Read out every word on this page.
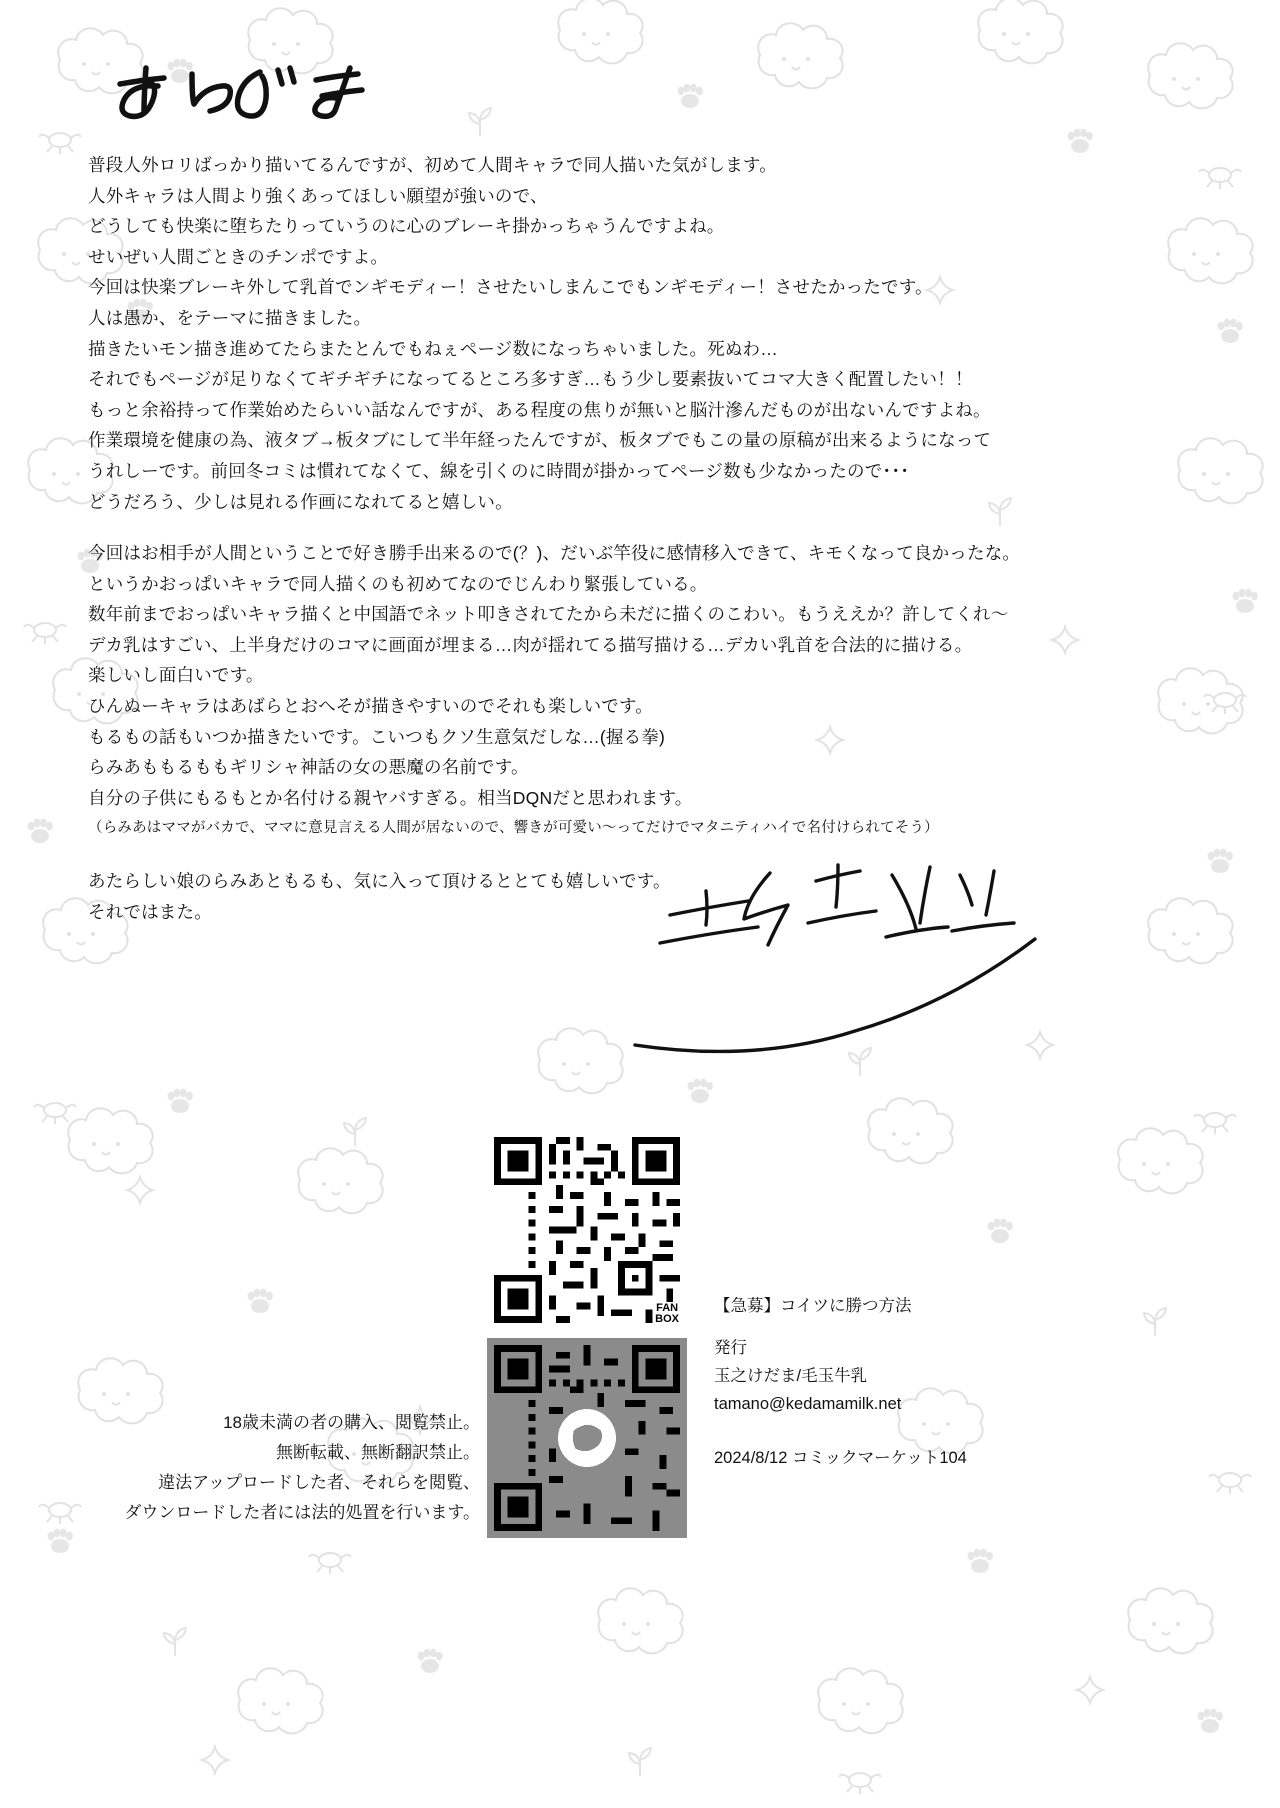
普段人外ロリばっかり描いてるんですが、初めて人間キャラで同人描いた気がします。

人外キャラは人間より強くあってほしい願望が強いので、

どうしても快楽に堕ちたりっていうのに心のブレーキ掛かっちゃうんですよね。

せいぜい人間ごときのチンポですよ。

今回は快楽ブレーキ外して乳首でンギモディー！させたいしまんこでもンギモディー！させたかったです。

人は愚か、をテーマに描きました。

描きたいモン描き進めてたらまたとんでもねぇページ数になっちゃいました。死ぬわ…

それでもページが足りなくてギチギチになってるところ多すぎ…もう少し要素抜いてコマ大きく配置したい！！

もっと余裕持って作業始めたらいい話なんですが、ある程度の焦りが無いと脳汁滲んだものが出ないんですよね。

作業環境を健康の為、液タブ→板タブにして半年経ったんですが、板タブでもこの量の原稿が出来るようになって

うれしーです。前回冬コミは慣れてなくて、線を引くのに時間が掛かってページ数も少なかったので･･･

どうだろう、少しは見れる作画になれてると嬉しい。

今回はお相手が人間ということで好き勝手出来るので(？)、だいぶ竿役に感情移入できて、キモくなって良かったな。

というかおっぱいキャラで同人描くのも初めてなのでじんわり緊張している。

数年前までおっぱいキャラ描くと中国語でネット叩きされてたから未だに描くのこわい。もうええか？許してくれ〜

デカ乳はすごい、上半身だけのコマに画面が埋まる…肉が揺れてる描写描ける…デカい乳首を合法的に描ける。

楽しいし面白いです。

ひんぬーキャラはあばらとおへそが描きやすいのでそれも楽しいです。

もるもの話もいつか描きたいです。こいつもクソ生意気だしな…(握る拳)

らみあももるももギリシャ神話の女の悪魔の名前です。

自分の子供にもるもとか名付ける親ヤバすぎる。相当DQNだと思われます。

（らみあはママがバカで、ママに意見言える人間が居ないので、響きが可愛い〜ってだけでマタニティハイで名付けられてそう）

あたらしい娘のらみあともるも、気に入って頂けるととても嬉しいです。

それではまた。

FAN
BOX
【急募】コイツに勝つ方法
発行
玉之けだま/毛玉牛乳
tamano@kedamamilk.net
2024/8/12 コミックマーケット104
18歳未満の者の購入、閲覧禁止。
無断転載、無断翻訳禁止。
違法アップロードした者、それらを閲覧、
ダウンロードした者には法的処置を行います。
